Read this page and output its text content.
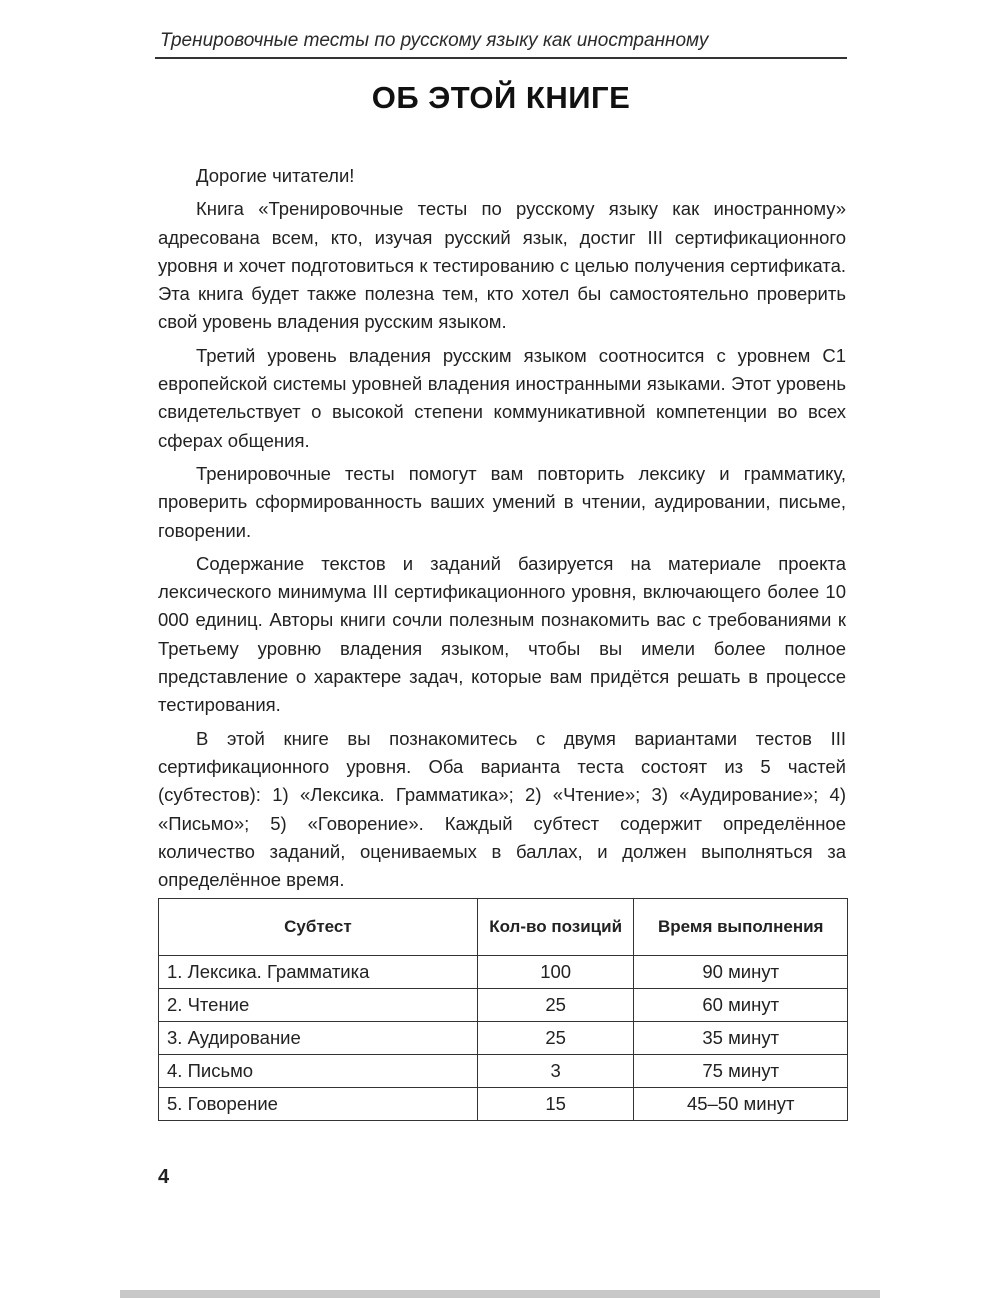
Тренировочные тесты по русскому языку как иностранному
ОБ ЭТОЙ КНИГЕ

Дорогие читатели!

Книга «Тренировочные тесты по русскому языку как иностранному» адресована всем, кто, изучая русский язык, достиг III сертификационного уровня и хочет подготовиться к тестированию с целью получения сертификата. Эта книга будет также полезна тем, кто хотел бы самостоятельно проверить свой уровень владения русским языком.

Третий уровень владения русским языком соотносится с уровнем С1 европейской системы уровней владения иностранными языками. Этот уровень свидетельствует о высокой степени коммуникативной компетенции во всех сферах общения.

Тренировочные тесты помогут вам повторить лексику и грамматику, проверить сформированность ваших умений в чтении, аудировании, письме, говорении.

Содержание текстов и заданий базируется на материале проекта лексического минимума III сертификационного уровня, включающего более 10 000 единиц. Авторы книги сочли полезным познакомить вас с требованиями к Третьему уровню владения языком, чтобы вы имели более полное представление о характере задач, которые вам придётся решать в процессе тестирования.

В этой книге вы познакомитесь с двумя вариантами тестов III сертификационного уровня. Оба варианта теста состоят из 5 частей (субтестов): 1) «Лексика. Грамматика»; 2) «Чтение»; 3) «Аудирование»; 4) «Письмо»; 5) «Говорение». Каждый субтест содержит определённое количество заданий, оцениваемых в баллах, и должен выполняться за определённое время.

Субтест	Кол-во позиций	Время выполнения
1. Лексика. Грамматика	100	90 минут
2. Чтение	25	60 минут
3. Аудирование	25	35 минут
4. Письмо	3	75 минут
5. Говорение	15	45–50 минут
4
